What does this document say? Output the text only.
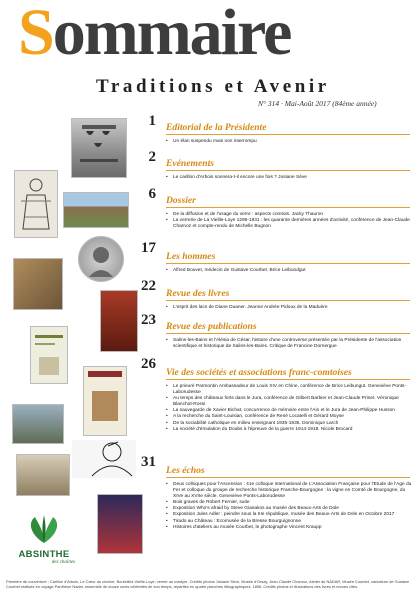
Sommaire
Traditions et Avenir
N° 314 · Mai-Août 2017 (84ème année)
1 Editorial de la Présidente
• Un élan suspendu mais non interrompu
2 Evénements
• Le carillon d'Arbois sonnera-t-il encore une fois ? Josiane Sève
6 Dossier
• De la diffusion et de l'usage du verre : aspects comtois. Jacky Thauron
• La verrerie de La Vieille-Loye 1295-1931 : les quarante dernières années d'activité, conférence de Jean-Claude Charnoz et compte-rendu de Michelle Bugnon
17
Les hommes
• Alfred Bouvet, médecin de Gustave Courbet. Brice Leibundgut
22 Revue des livres
• L'esprit des lacs de Diane Duaner. Jeanne Andrée Pidoux de la Maduère
23 Revue des publications
• Salins-les-Bains et l'Alésia de César, histoire d'une controverse présentée par la Présidente de l'association scientifique et historique de Salins-les-Bains. Critique de Francine Dornergue
26
Vie des sociétés et associations franc-comtoises
• Le prieuré Parmontin Ambassadeur de Louis XIV en Chine, conférence de Brice Leibungut. Geneviève Ponts-Laborudesse
• Au temps des châteaux forts dans le Jura, conférence de Gilbert Barbier et Jean-Claude Prinet. Véronique Blanchot-Rossi
• La sauvegarde de Xavier Bichat, concurrence de mémoire entre l'Ain et le Jura de Jean-Philippe Husson
• A la recherche du Saint-Louisian, conférence de René Locatelli et Gérard Moyse
• De la sociabilité catholique en milieu enseignant 1935-1936. Dominique Larch
• La société d'émulation du Doubs à l'épreuve de la guerre 1914-1918. Nicole Brocard
31
Les échos
• Deux colloques pour l'Ascension : 41e colloque international de L'Association Française pour l'Etude de l'Age du Fer et colloque du groupe de recherche historique Franche-Bourgogne : la vigne en Comté de Bourgogne, du XIVe au XVIIe siècle. Geneviève Ponts-Laborudesse
• Bois graves de Robert Fernier, suite
• Exposition Who's afraid by Steve Gianakos au musée des Beaux-Arts de Dole
• Exposition Jules Adler : peindre sous la IIIe république, musée des Beaux-Arts de Dole en Octobre 2017
• Tirado au Château : Ecomusée de la Bresse Bourguignonne
• Histoires d'ateliers au musée Courbet, le photographe Vincent Kraupp
ABSINTHE
des chaînes
Première de couverture : Carillon d'Arbois, Le Cœur du clocher, Bouteilles Vieille-Loye, verrier au martyre. Crédits photos Josiane Sève, Musée d'Orsay, Jean-Claude Charnoz, Atelier de NADAR, Musée Courbet, caricature de Gustave Courbet réalisée en voyage Panthéon Nadar, ensemble de douze cents célébrités de son temps, réparties en quatre planches lithographiques, 1858. Crédits photos et illustrations des livres et revues cités.
